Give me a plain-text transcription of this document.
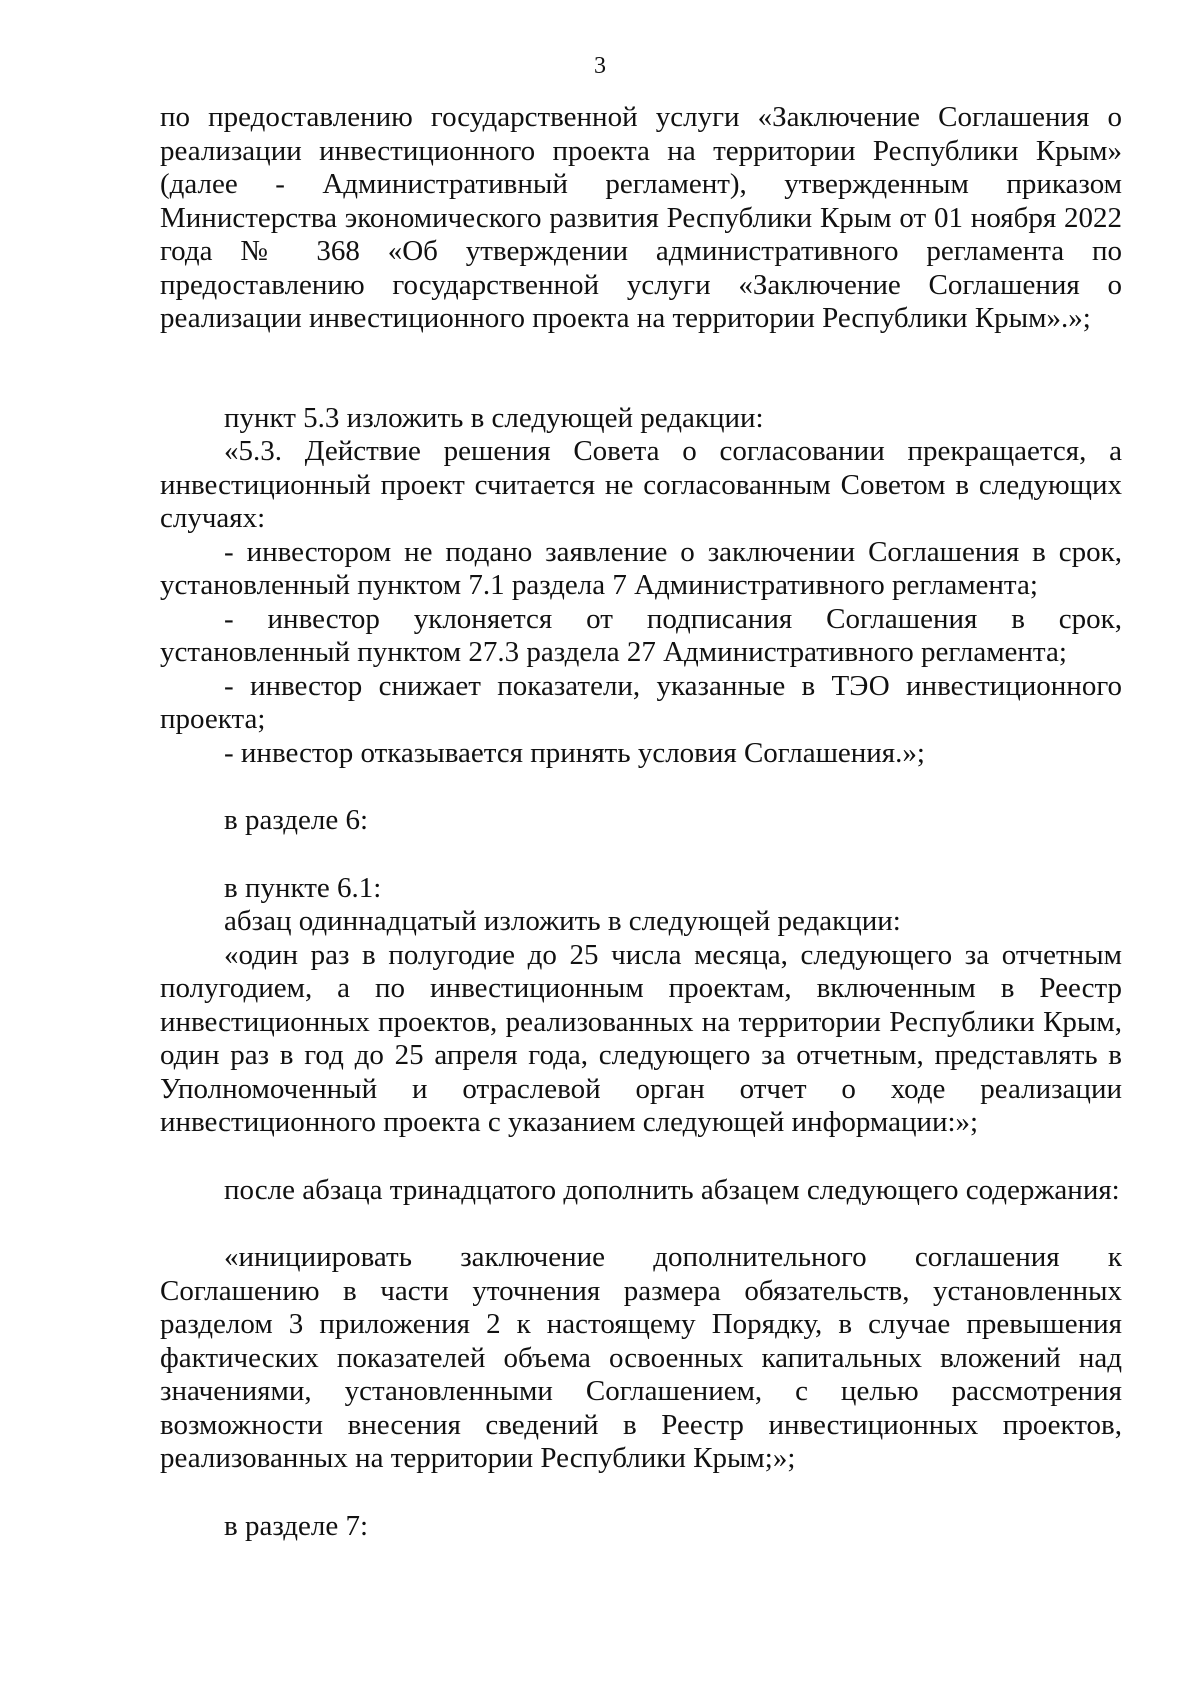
3

по предоставлению государственной услуги «Заключение Соглашения о реализации инвестиционного проекта на территории Республики Крым» (далее - Административный регламент), утвержденным приказом Министерства экономического развития Республики Крым от 01 ноября 2022 года № 368 «Об утверждении административного регламента по предоставлению государственной услуги «Заключение Соглашения о реализации инвестиционного проекта на территории Республики Крым».»;

пункт 5.3 изложить в следующей редакции:

«5.3. Действие решения Совета о согласовании прекращается, а инвестиционный проект считается не согласованным Советом в следующих случаях:

- инвестором не подано заявление о заключении Соглашения в срок, установленный пунктом 7.1 раздела 7 Административного регламента;

- инвестор уклоняется от подписания Соглашения в срок, установленный пунктом 27.3 раздела 27 Административного регламента;

- инвестор снижает показатели, указанные в ТЭО инвестиционного проекта;

- инвестор отказывается принять условия Соглашения.»;

в разделе 6:

в пункте 6.1:

абзац одиннадцатый изложить в следующей редакции:

«один раз в полугодие до 25 числа месяца, следующего за отчетным полугодием, а по инвестиционным проектам, включенным в Реестр инвестиционных проектов, реализованных на территории Республики Крым, один раз в год до 25 апреля года, следующего за отчетным, представлять в Уполномоченный и отраслевой орган отчет о ходе реализации инвестиционного проекта с указанием следующей информации:»;

после абзаца тринадцатого дополнить абзацем следующего содержания:

«инициировать заключение дополнительного соглашения к Соглашению в части уточнения размера обязательств, установленных разделом 3 приложения 2 к настоящему Порядку, в случае превышения фактических показателей объема освоенных капитальных вложений над значениями, установленными Соглашением, с целью рассмотрения возможности внесения сведений в Реестр инвестиционных проектов, реализованных на территории Республики Крым;»;

в разделе 7:
